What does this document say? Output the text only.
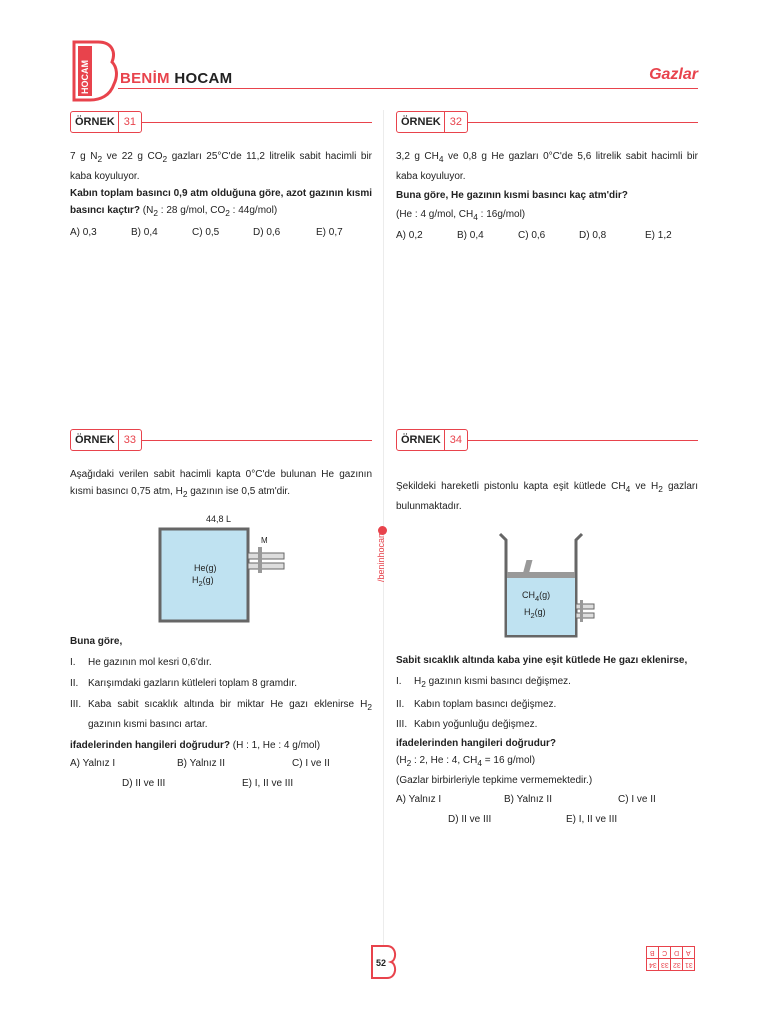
HOCAM BENİM HOCAM	Gazlar
/beninhocam
ÖRNEK 31
7 g $N_2$ ve 22 g $CO_2$ gazları 25°C'de 11,2 litrelik sabit hacimli bir kaba koyuluyor.
Kabın toplam basıncı 0,9 atm olduğuna göre, azot gazının kısmi basıncı kaçtır? ($N_2$ : 28 g/mol, $CO_2$ : 44g/mol)
A) 0,3	B) 0,4	C) 0,5	D) 0,6	E) 0,7
ÖRNEK 32
3,2 g $CH_4$ ve 0,8 g He gazları 0°C'de 5,6 litrelik sabit hacimli bir kaba koyuluyor.
Buna göre, He gazının kısmi basıncı kaç atm'dir?
(He : 4 g/mol, $CH_4$ : 16g/mol)
A) 0,2	B) 0,4	C) 0,6	D) 0,8	E) 1,2
ÖRNEK 33
Aşağıdaki verilen sabit hacimli kapta 0°C'de bulunan He gazının kısmi basıncı 0,75 atm, $H_2$ gazının ise 0,5 atm'dir.
44,8 L
M
He(g)
$H_2(g)$
Buna göre,
I.	He gazının mol kesri 0,6'dır.
II. Karışımdaki gazların kütleleri toplam 8 gramdır.
III. Kaba sabit sıcaklık altında bir miktar He gazı eklenirse $H_2$ gazının kısmi basıncı artar.
ifadelerinden hangileri doğrudur? (H : 1, He : 4 g/mol)
A) Yalnız I	B) Yalnız II	C) I ve II
D) II ve III	E) I, II ve III
ÖRNEK 34
Şekildeki hareketli pistonlu kapta eşit kütlede $CH_4$ ve $H_2$ gazları bulunmaktadır.
$CH_4(g)$
$H_2(g)$
Sabit sıcaklık altında kaba yine eşit kütlede He gazı eklenirse,
I.	$H_2$ gazının kısmi basıncı değişmez.
II. Kabın toplam basıncı değişmez.
III. Kabın yoğunluğu değişmez.
ifadelerinden hangileri doğrudur?
($H_2$ : 2, He : 4, $CH_4 = 16$ g/mol)
(Gazlar birbirleriyle tepkime vermemektedir.)
A) Yalnız I	B) Yalnız II	C) I ve II
D) II ve III	E) I, II ve III
52
B	C	D	A
34	33	32	31
